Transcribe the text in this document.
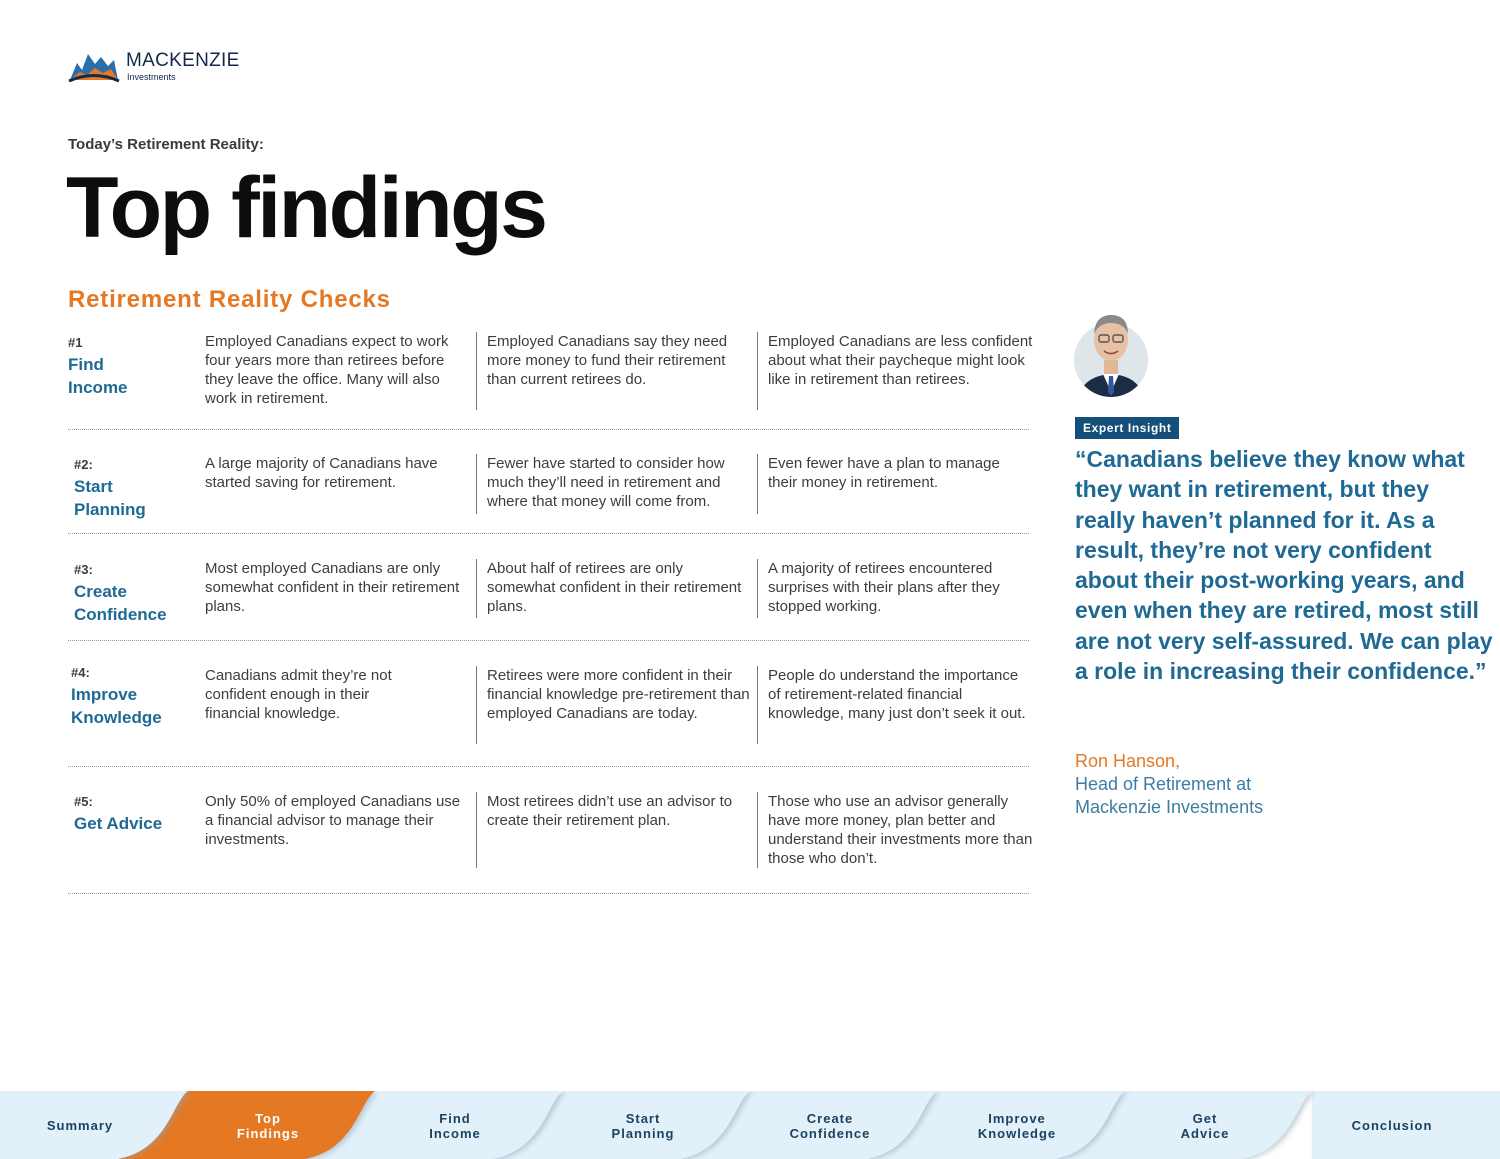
MACKENZIE
Investments
Today’s Retirement Reality:
Top findings
Retirement Reality Checks
#1
Find
Income
Employed Canadians expect to work four years more than retirees before they leave the office. Many will also work in retirement.
Employed Canadians say they need more money to fund their retirement than current retirees do.
Employed Canadians are less confident about what their paycheque might look like in retirement than retirees.
#2:
Start
Planning
A large majority of Canadians have started saving for retirement.
Fewer have started to consider how much they’ll need in retirement and where that money will come from.
Even fewer have a plan to manage their money in retirement.
#3:
Create
Confidence
Most employed Canadians are only somewhat confident in their retirement plans.
About half of retirees are only somewhat confident in their retirement plans.
A majority of retirees encountered surprises with their plans after they stopped working.
#4:
Improve
Knowledge
Canadians admit they’re not confident enough in their financial knowledge.
Retirees were more confident in their financial knowledge pre-retirement than employed Canadians are today.
People do understand the importance of retirement-related financial knowledge, many just don’t seek it out.
#5:
Get Advice
Only 50% of employed Canadians use a financial advisor to manage their investments.
Most retirees didn’t use an advisor to create their retirement plan.
Those who use an advisor generally have more money, plan better and understand their investments more than those who don’t.
Expert Insight
“Canadians believe they know what they want in retirement, but they really haven’t planned for it. As a result, they’re not very confident about their post-working years, and even when they are retired, most still are not very self-assured. We can play a role in increasing their confidence.”
Ron Hanson,
Head of Retirement at
Mackenzie Investments
Summary	Top
Findings
Find
Income
Start
Planning
Create
Confidence
Improve
Knowledge
Get
Advice
Conclusion
